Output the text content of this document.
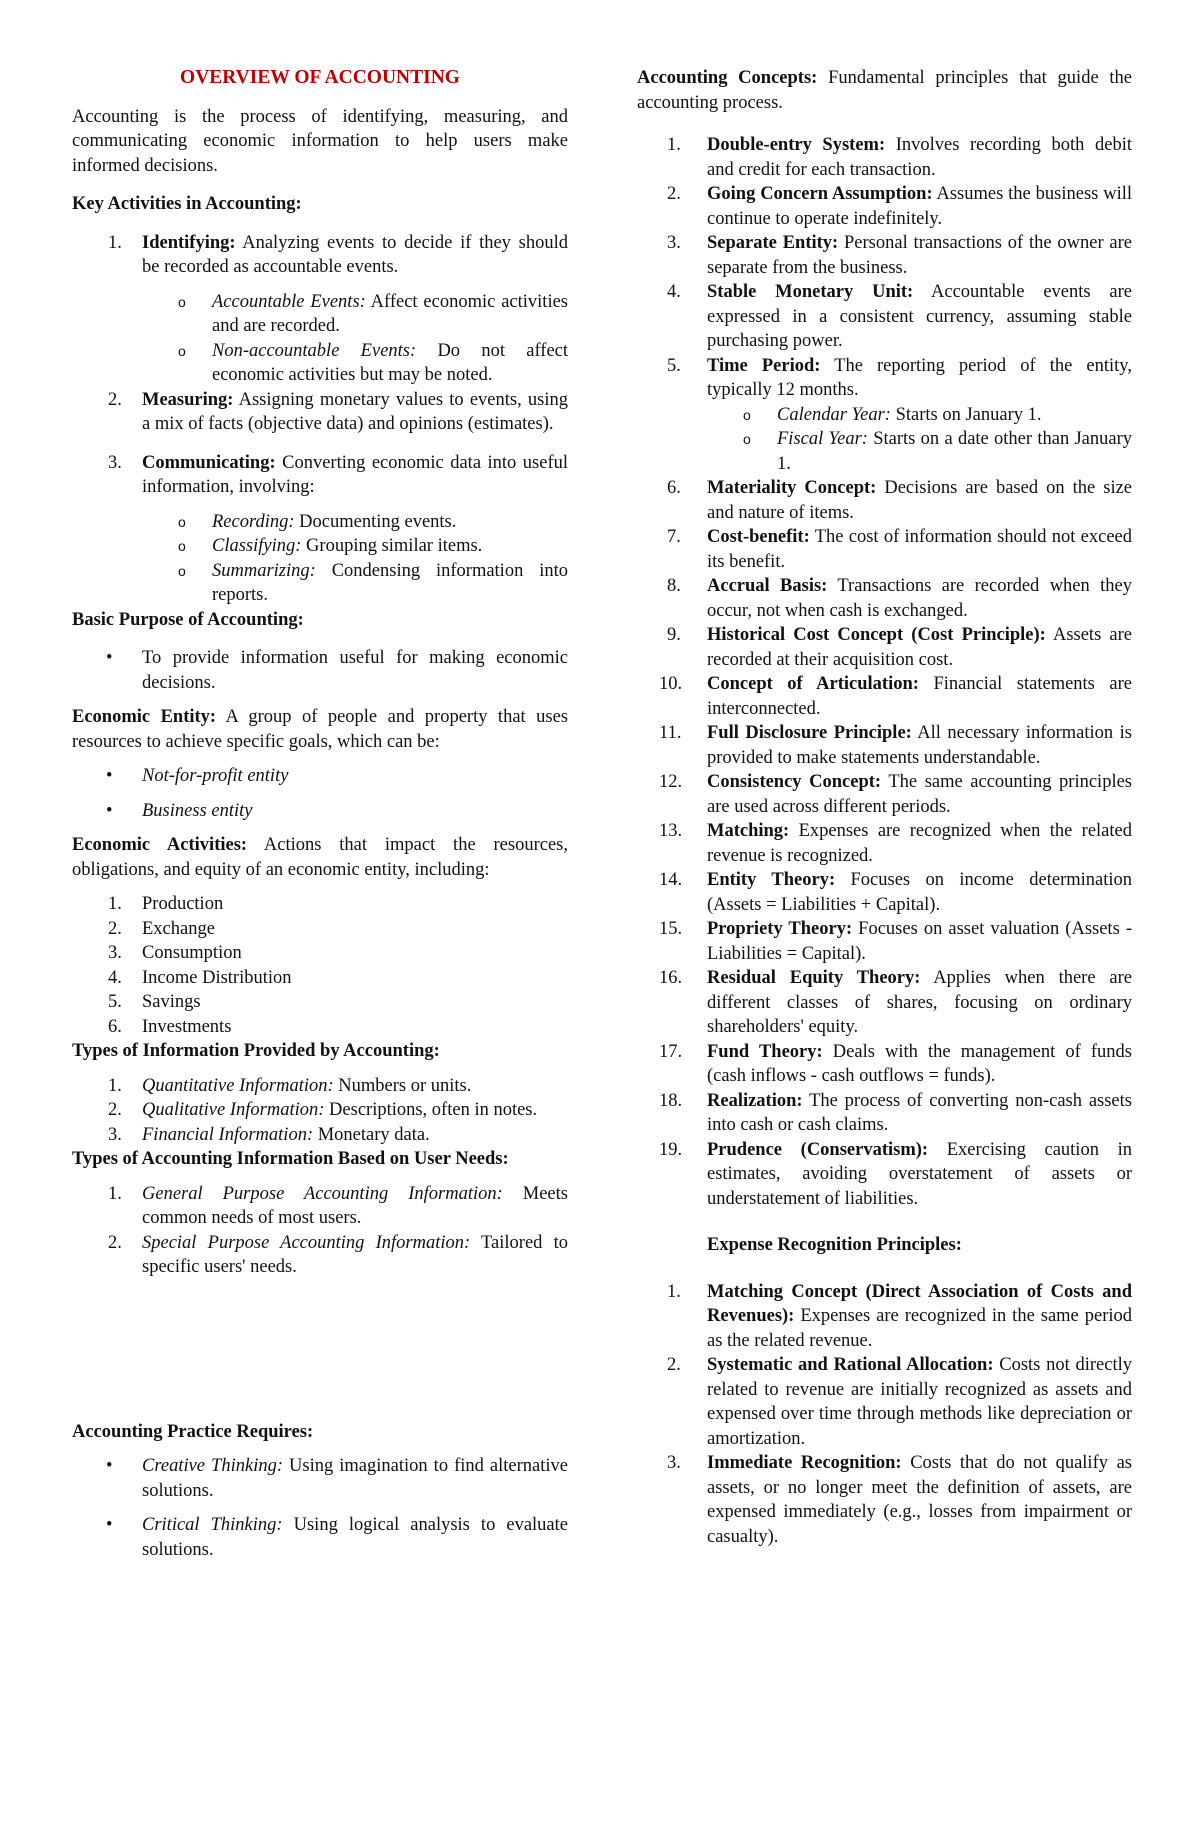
OVERVIEW OF ACCOUNTING

Accounting is the process of identifying, measuring, and communicating economic information to help users make informed decisions.

Key Activities in Accounting:

1. Identifying: Analyzing events to decide if they should be recorded as accountable events.
o Accountable Events: Affect economic activities and are recorded.
o Non-accountable Events: Do not affect economic activities but may be noted.
2. Measuring: Assigning monetary values to events, using a mix of facts (objective data) and opinions (estimates).
3. Communicating: Converting economic data into useful information, involving:
o Recording: Documenting events.
o Classifying: Grouping similar items.
o Summarizing: Condensing information into reports.

Basic Purpose of Accounting:

• To provide information useful for making economic decisions.

Economic Entity: A group of people and property that uses resources to achieve specific goals, which can be:

• Not-for-profit entity
• Business entity

Economic Activities: Actions that impact the resources, obligations, and equity of an economic entity, including:

1. Production
2. Exchange
3. Consumption
4. Income Distribution
5. Savings
6. Investments

Types of Information Provided by Accounting:

1. Quantitative Information: Numbers or units.
2. Qualitative Information: Descriptions, often in notes.
3. Financial Information: Monetary data.

Types of Accounting Information Based on User Needs:

1. General Purpose Accounting Information: Meets common needs of most users.
2. Special Purpose Accounting Information: Tailored to specific users' needs.

Accounting Practice Requires:

• Creative Thinking: Using imagination to find alternative solutions.
• Critical Thinking: Using logical analysis to evaluate solutions.

Accounting Concepts: Fundamental principles that guide the accounting process.

1. Double-entry System: Involves recording both debit and credit for each transaction.
2. Going Concern Assumption: Assumes the business will continue to operate indefinitely.
3. Separate Entity: Personal transactions of the owner are separate from the business.
4. Stable Monetary Unit: Accountable events are expressed in a consistent currency, assuming stable purchasing power.
5. Time Period: The reporting period of the entity, typically 12 months.
o Calendar Year: Starts on January 1.
o Fiscal Year: Starts on a date other than January 1.
6. Materiality Concept: Decisions are based on the size and nature of items.
7. Cost-benefit: The cost of information should not exceed its benefit.
8. Accrual Basis: Transactions are recorded when they occur, not when cash is exchanged.
9. Historical Cost Concept (Cost Principle): Assets are recorded at their acquisition cost.
10. Concept of Articulation: Financial statements are interconnected.
11. Full Disclosure Principle: All necessary information is provided to make statements understandable.
12. Consistency Concept: The same accounting principles are used across different periods.
13. Matching: Expenses are recognized when the related revenue is recognized.
14. Entity Theory: Focuses on income determination (Assets = Liabilities + Capital).
15. Propriety Theory: Focuses on asset valuation (Assets - Liabilities = Capital).
16. Residual Equity Theory: Applies when there are different classes of shares, focusing on ordinary shareholders' equity.
17. Fund Theory: Deals with the management of funds (cash inflows - cash outflows = funds).
18. Realization: The process of converting non-cash assets into cash or cash claims.
19. Prudence (Conservatism): Exercising caution in estimates, avoiding overstatement of assets or understatement of liabilities.

Expense Recognition Principles:

1. Matching Concept (Direct Association of Costs and Revenues): Expenses are recognized in the same period as the related revenue.
2. Systematic and Rational Allocation: Costs not directly related to revenue are initially recognized as assets and expensed over time through methods like depreciation or amortization.
3. Immediate Recognition: Costs that do not qualify as assets, or no longer meet the definition of assets, are expensed immediately (e.g., losses from impairment or casualty).
